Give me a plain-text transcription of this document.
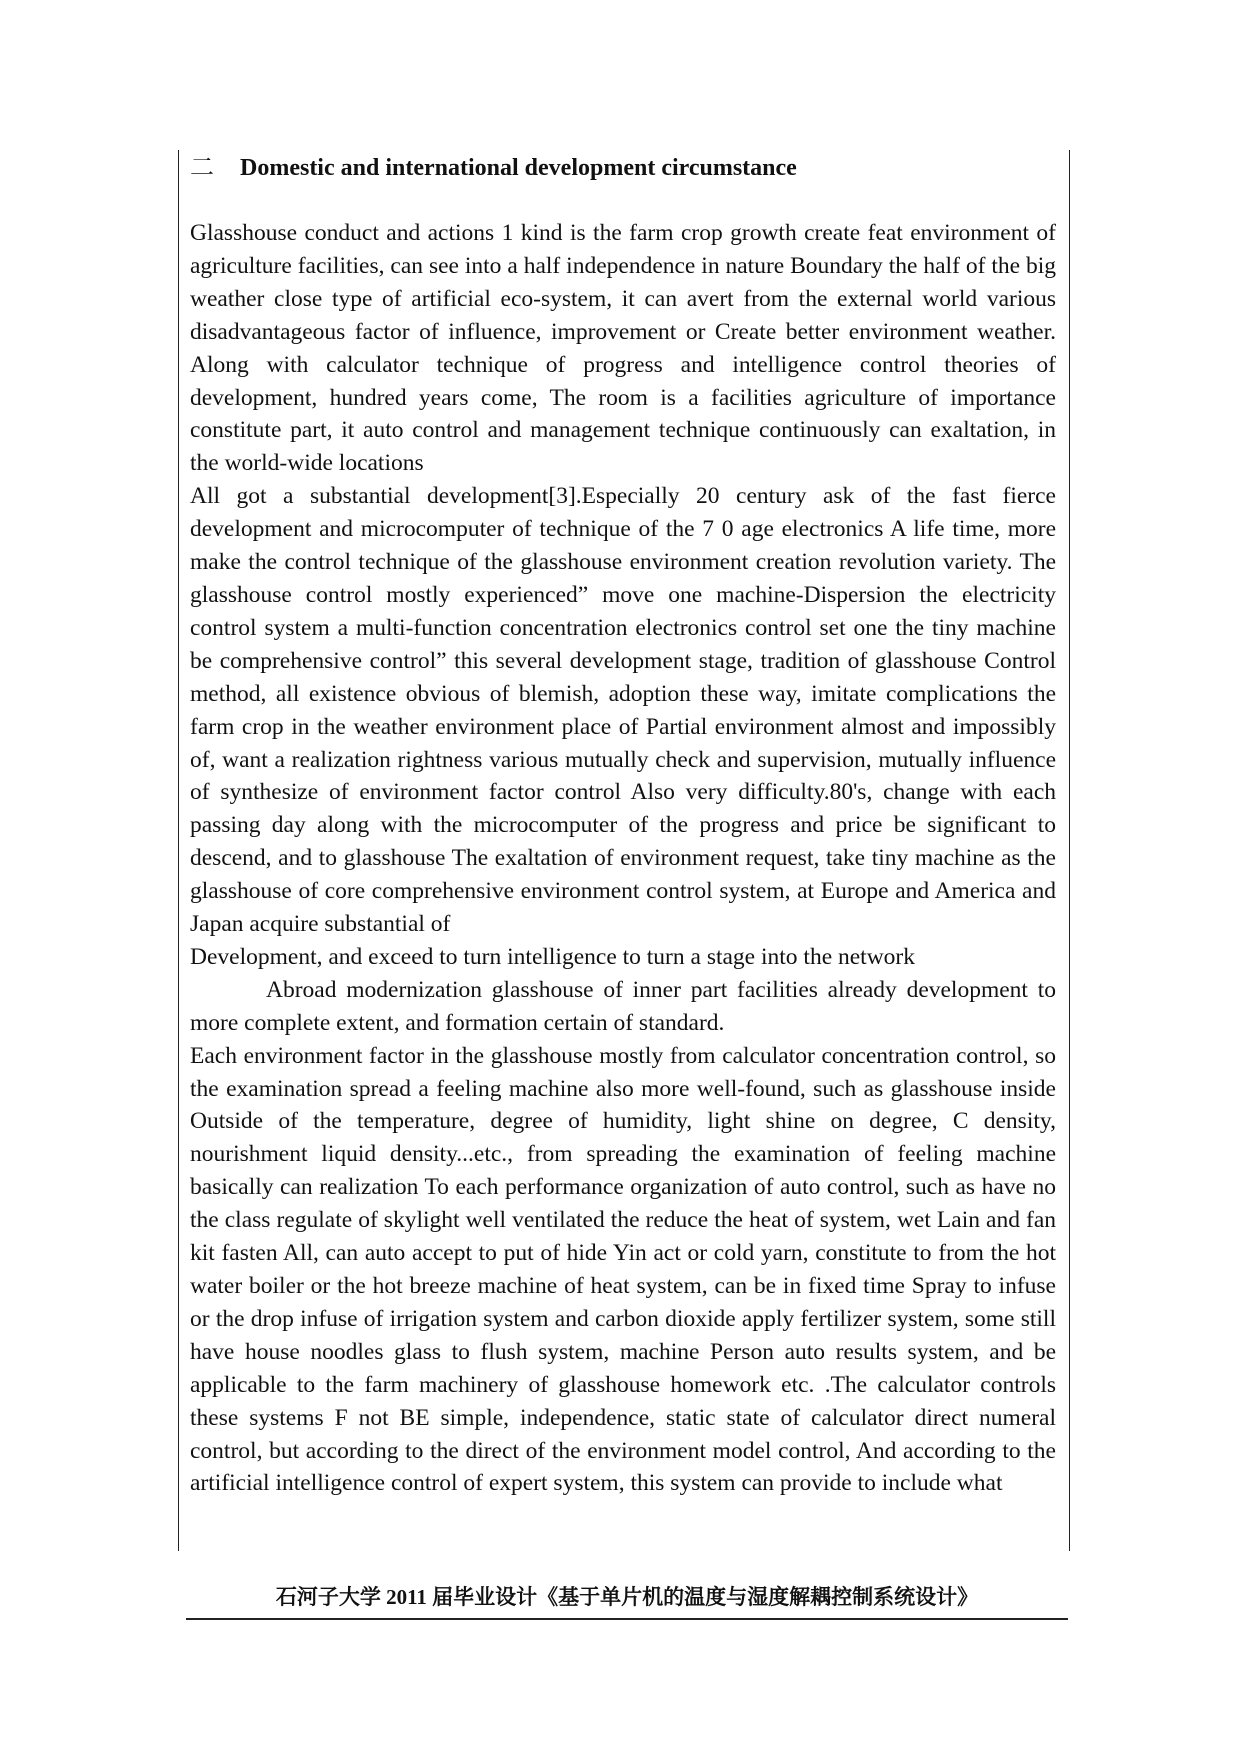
二 Domestic and international development circumstance

Glasshouse conduct and actions 1 kind is the farm crop growth create feat environment of agriculture facilities, can see into a half independence in nature Boundary the half of the big weather close type of artificial eco-system, it can avert from the external world various disadvantageous factor of influence, improvement or Create better environment weather. Along with calculator technique of progress and intelligence control theories of development, hundred years come, The room is a facilities agriculture of importance constitute part, it auto control and management technique continuously can exaltation, in the world-wide locations

All got a substantial development[3].Especially 20 century ask of the fast fierce development and microcomputer of technique of the 7 0 age electronics A life time, more make the control technique of the glasshouse environment creation revolution variety. The glasshouse control mostly experienced” move one machine-Dispersion the electricity control system a multi-function concentration electronics control set one the tiny machine be comprehensive control” this several development stage, tradition of glasshouse Control method, all existence obvious of blemish, adoption these way, imitate complications the farm crop in the weather environment place of Partial environment almost and impossibly of, want a realization rightness various mutually check and supervision, mutually influence of synthesize of environment factor control Also very difficulty.80's, change with each passing day along with the microcomputer of the progress and price be significant to descend, and to glasshouse The exaltation of environment request, take tiny machine as the glasshouse of core comprehensive environment control system, at Europe and America and Japan acquire substantial of

Development, and exceed to turn intelligence to turn a stage into the network

Abroad modernization glasshouse of inner part facilities already development to more complete extent, and formation certain of standard.

Each environment factor in the glasshouse mostly from calculator concentration control, so the examination spread a feeling machine also more well-found, such as glasshouse inside Outside of the temperature, degree of humidity, light shine on degree, C density, nourishment liquid density...etc., from spreading the examination of feeling machine basically can realization To each performance organization of auto control, such as have no the class regulate of skylight well ventilated the reduce the heat of system, wet Lain and fan kit fasten All, can auto accept to put of hide Yin act or cold yarn, constitute to from the hot water boiler or the hot breeze machine of heat system, can be in fixed time Spray to infuse or the drop infuse of irrigation system and carbon dioxide apply fertilizer system, some still have house noodles glass to flush system, machine Person auto results system, and be applicable to the farm machinery of glasshouse homework etc. .The calculator controls these systems F not BE simple, independence, static state of calculator direct numeral control, but according to the direct of the environment model control, And according to the artificial intelligence control of expert system, this system can provide to include what

石河子大学 2011 届毕业设计《基于单片机的温度与湿度解耦控制系统设计》
